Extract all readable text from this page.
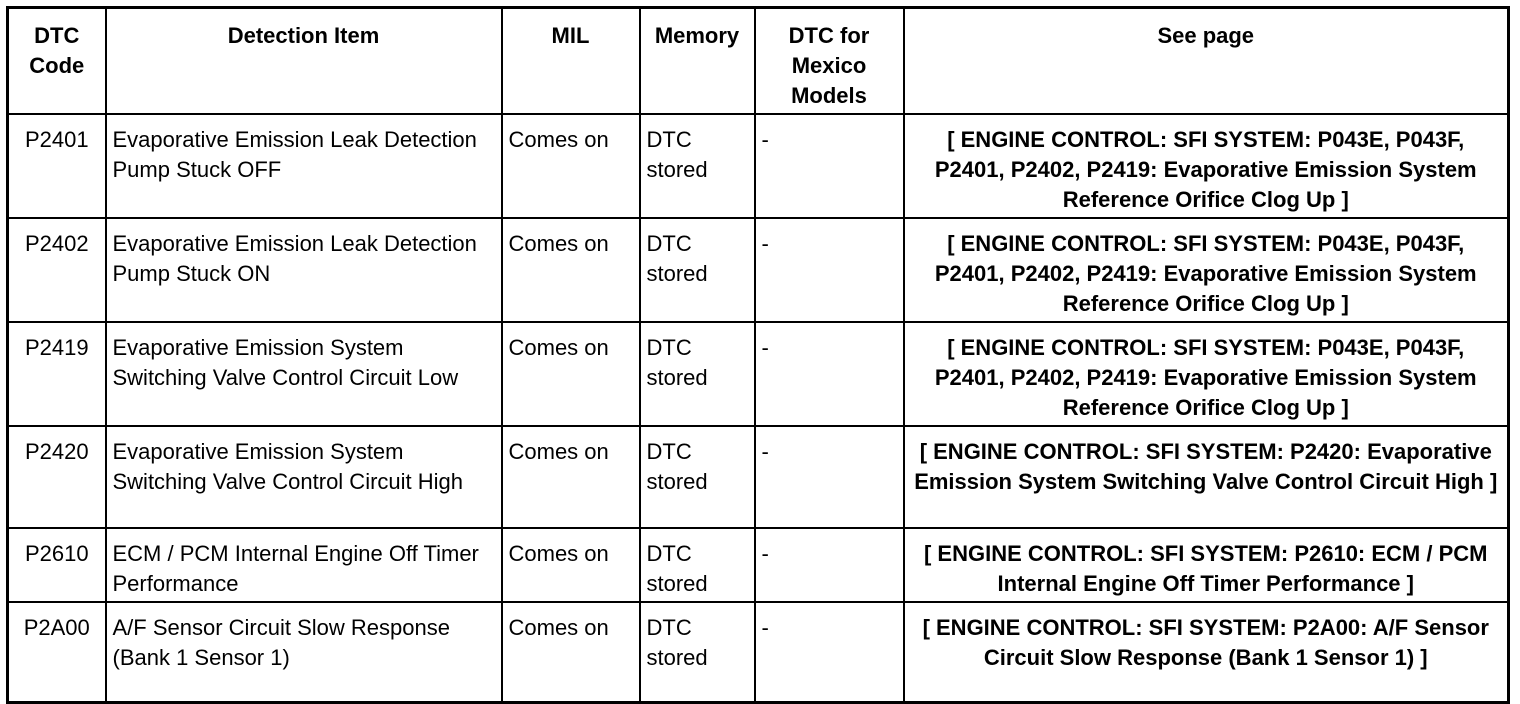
DTC Code	Detection Item	MIL	Memory	DTC for Mexico Models	See page
P2401	Evaporative Emission Leak Detection Pump Stuck OFF	Comes on	DTC stored	-	[ ENGINE CONTROL: SFI SYSTEM: P043E, P043F, P2401, P2402, P2419: Evaporative Emission System Reference Orifice Clog Up ]
P2402	Evaporative Emission Leak Detection Pump Stuck ON	Comes on	DTC stored	-	[ ENGINE CONTROL: SFI SYSTEM: P043E, P043F, P2401, P2402, P2419: Evaporative Emission System Reference Orifice Clog Up ]
P2419	Evaporative Emission System Switching Valve Control Circuit Low	Comes on	DTC stored	-	[ ENGINE CONTROL: SFI SYSTEM: P043E, P043F, P2401, P2402, P2419: Evaporative Emission System Reference Orifice Clog Up ]
P2420	Evaporative Emission System Switching Valve Control Circuit High	Comes on	DTC stored	-	[ ENGINE CONTROL: SFI SYSTEM: P2420: Evaporative Emission System Switching Valve Control Circuit High ]
P2610	ECM / PCM Internal Engine Off Timer Performance	Comes on	DTC stored	-	[ ENGINE CONTROL: SFI SYSTEM: P2610: ECM / PCM Internal Engine Off Timer Performance ]
P2A00	A/F Sensor Circuit Slow Response (Bank 1 Sensor 1)	Comes on	DTC stored	-	[ ENGINE CONTROL: SFI SYSTEM: P2A00: A/F Sensor Circuit Slow Response (Bank 1 Sensor 1) ]
